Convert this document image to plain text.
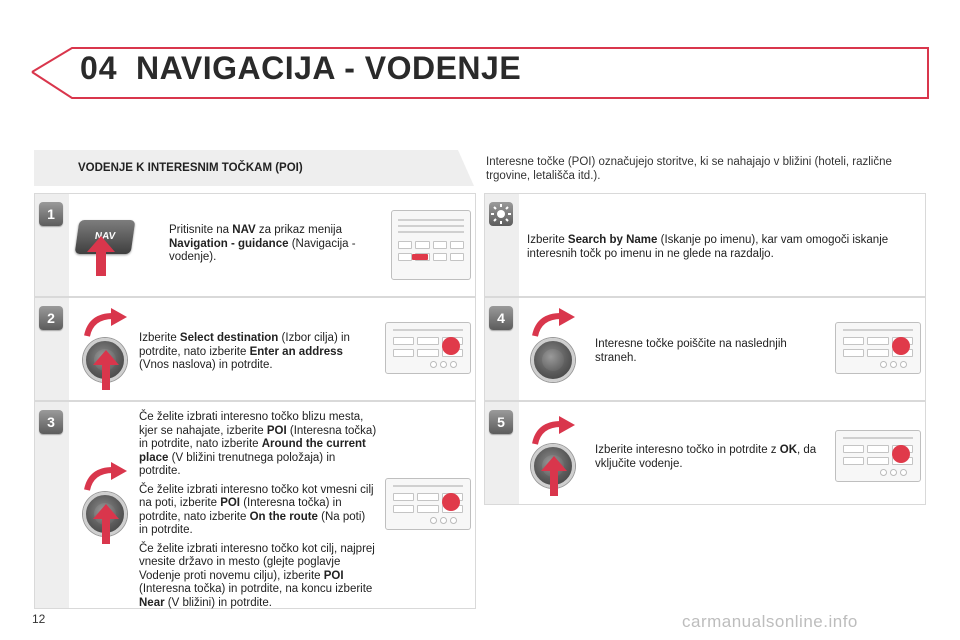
04 NAVIGACIJA - VODENJE
VODENJE K INTERESNIM TOČKAM (POI)	Interesne točke (POI) označujejo storitve, ki se nahajajo v bližini (hoteli, različne trgovine, letališča itd.).
1
NAV
Pritisnite na NAV za prikaz menija Navigation - guidance (Navigacija - vodenje).
2
Izberite Select destination (Izbor cilja) in potrdite, nato izberite Enter an address (Vnos naslova) in potrdite.
3	Če želite izbrati interesno točko blizu mesta, kjer se nahajate, izberite POI (Interesna točka) in potrdite, nato izberite Around the current place (V bližini trenutnega položaja) in potrdite.

Če želite izbrati interesno točko kot vmesni cilj na poti, izberite POI (Interesna točka) in potrdite, nato izberite On the route (Na poti) in potrdite.

Če želite izbrati interesno točko kot cilj, najprej vnesite državo in mesto (glejte poglavje Vodenje proti novemu cilju), izberite POI (Interesna točka) in potrdite, na koncu izberite Near (V bližini) in potrdite.

Izberite Search by Name (Iskanje po imenu), kar vam omogoči iskanje interesnih točk po imenu in ne glede na razdaljo.
4
Interesne točke poiščite na naslednjih straneh.
5
Izberite interesno točko in potrdite z OK, da vključite vodenje.
12	carmanualsonline.info
